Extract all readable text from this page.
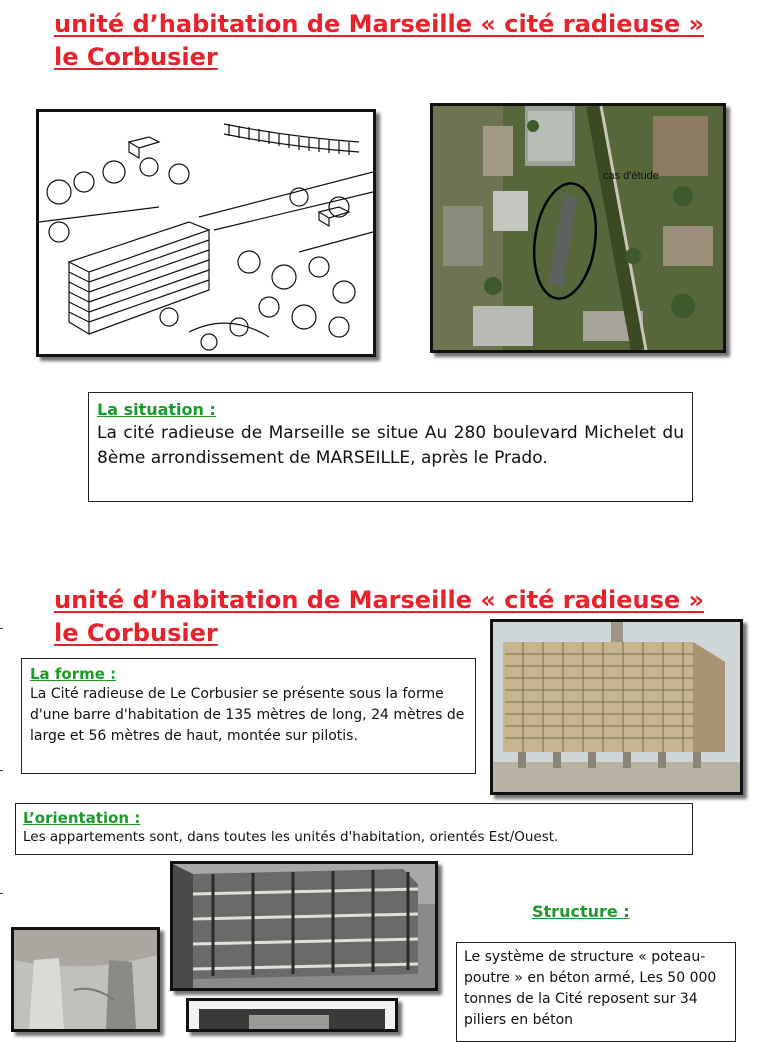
unité d’habitation de Marseille « cité radieuse »
le Corbusier
cas d'étude
La situation :
La cité radieuse de Marseille se situe Au 280 boulevard Michelet du 8ème arrondissement de MARSEILLE, après le Prado.
unité d’habitation de Marseille « cité radieuse »
le Corbusier
La forme :
La Cité radieuse de Le Corbusier se présente sous la forme d'une barre d'habitation de 135 mètres de long, 24 mètres de large et 56 mètres de haut, montée sur pilotis.
L’orientation :
Les appartements sont, dans toutes les unités d'habitation, orientés Est/Ouest.
Structure :
Le système de structure « poteau-poutre » en béton armé, Les 50 000 tonnes de la Cité reposent sur 34 piliers en béton
